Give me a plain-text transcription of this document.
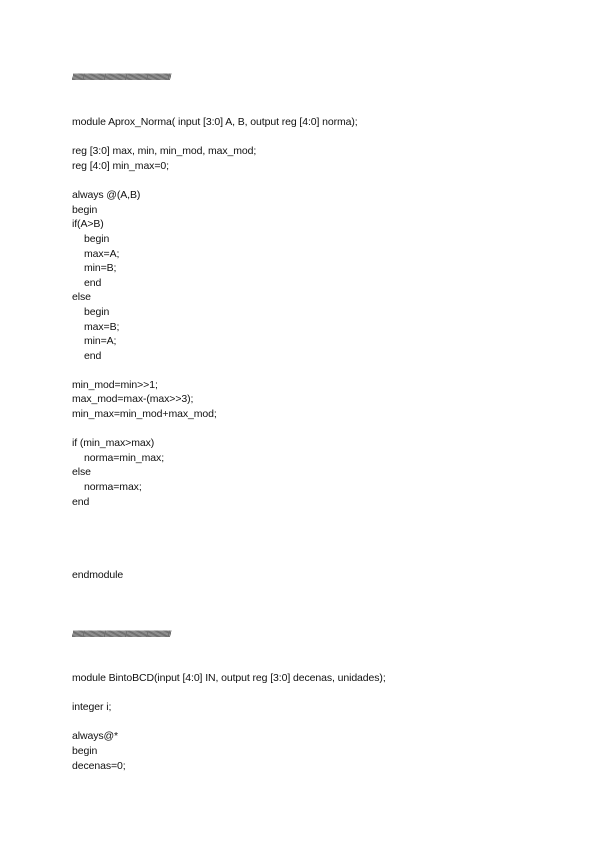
////////////////////////////////////////////////////////////////////////////////////////
module Aprox_Norma( input [3:0] A, B, output reg [4:0] norma);
reg [3:0] max, min, min_mod, max_mod;
reg [4:0] min_max=0;
always @(A,B)
begin
if(A>B)
begin
max=A;
min=B;
end
else
begin
max=B;
min=A;
end
min_mod=min>>1;
max_mod=max-(max>>3);
min_max=min_mod+max_mod;
if (min_max>max)
norma=min_max;
else
norma=max;
end
endmodule
////////////////////////////////////////////////////////////////////////////////////////
module BintoBCD(input [4:0] IN, output reg [3:0] decenas, unidades);
integer i;
always@*
begin
decenas=0;
